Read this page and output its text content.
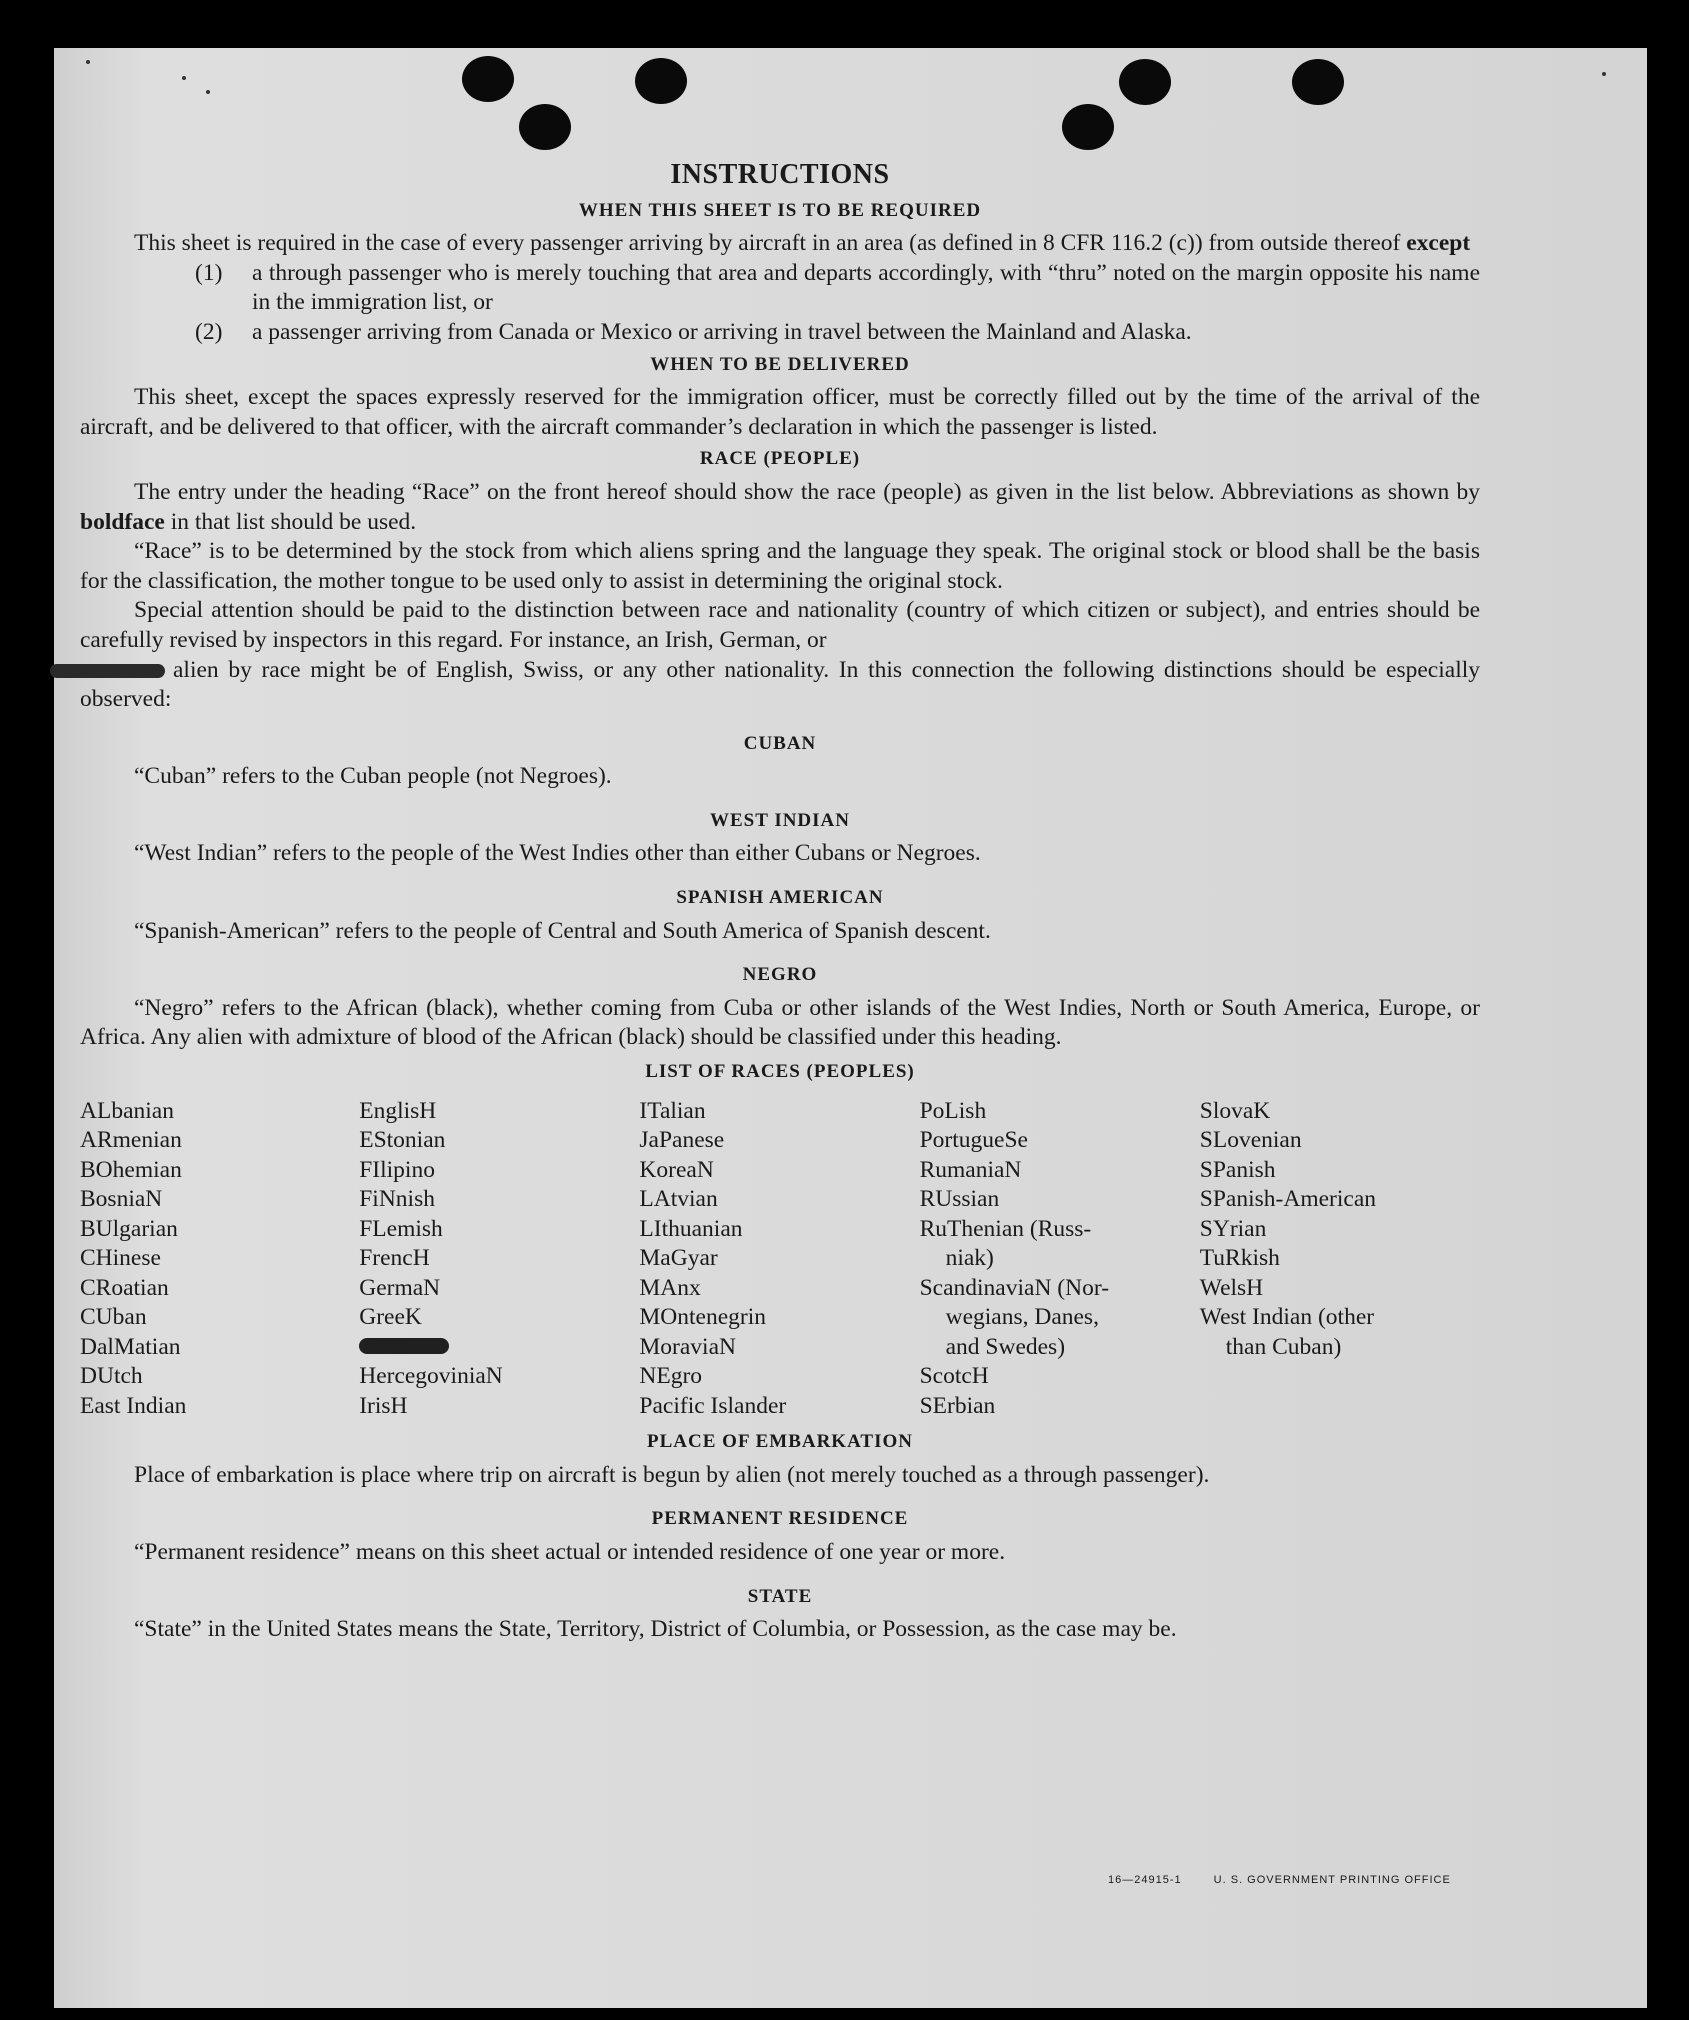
INSTRUCTIONS
WHEN THIS SHEET IS TO BE REQUIRED

This sheet is required in the case of every passenger arriving by aircraft in an area (as defined in 8 CFR 116.2 (c)) from outside thereof except

(1)	a through passenger who is merely touching that area and departs accordingly, with “thru” noted on the margin opposite his name in the immigration list, or
(2)	a passenger arriving from Canada or Mexico or arriving in travel between the Mainland and Alaska.
WHEN TO BE DELIVERED

This sheet, except the spaces expressly reserved for the immigration officer, must be correctly filled out by the time of the arrival of the aircraft, and be delivered to that officer, with the aircraft commander’s declaration in which the passenger is listed.

RACE (PEOPLE)

The entry under the heading “Race” on the front hereof should show the race (people) as given in the list below. Abbreviations as shown by boldface in that list should be used.

“Race” is to be determined by the stock from which aliens spring and the language they speak. The original stock or blood shall be the basis for the classification, the mother tongue to be used only to assist in determining the original stock.

Special attention should be paid to the distinction between race and nationality (country of which citizen or subject), and entries should be carefully revised by inspectors in this regard. For instance, an Irish, German, or
alien by race might be of English, Swiss, or any other nationality. In this connection the following distinctions should be especially observed:

CUBAN

“Cuban” refers to the Cuban people (not Negroes).

WEST INDIAN

“West Indian” refers to the people of the West Indies other than either Cubans or Negroes.

SPANISH AMERICAN

“Spanish-American” refers to the people of Central and South America of Spanish descent.

NEGRO

“Negro” refers to the African (black), whether coming from Cuba or other islands of the West Indies, North or South America, Europe, or Africa. Any alien with admixture of blood of the African (black) should be classified under this heading.

LIST OF RACES (PEOPLES)
ALbanian
ARmenian
BOhemian
BosniaN
BUlgarian
CHinese
CRoatian
CUban
DalMatian
DUtch
East Indian
EnglisH
EStonian
FIlipino
FiNnish
FLemish
FrencH
GermaN
GreeK
HercegoviniaN
IrisH
ITalian
JaPanese
KoreaN
LAtvian
LIthuanian
MaGyar
MAnx
MOntenegrin
MoraviaN
NEgro
Pacific Islander
PoLish
PortugueSe
RumaniaN
RUssian
RuThenian (Russ-
niak)
ScandinaviaN (Nor-
wegians, Danes,
and Swedes)
ScotcH
SErbian
SlovaK
SLovenian
SPanish
SPanish-American
SYrian
TuRkish
WelsH
West Indian (other
than Cuban)

PLACE OF EMBARKATION

Place of embarkation is place where trip on aircraft is begun by alien (not merely touched as a through passenger).

PERMANENT RESIDENCE

“Permanent residence” means on this sheet actual or intended residence of one year or more.

STATE

“State” in the United States means the State, Territory, District of Columbia, or Possession, as the case may be.

16—24915-1	U. S. GOVERNMENT PRINTING OFFICE
